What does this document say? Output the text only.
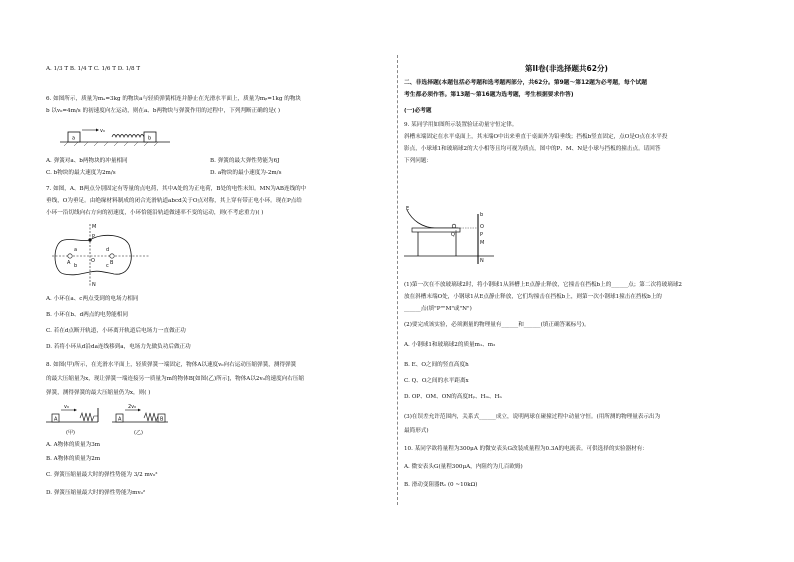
A. 1/3 T B. 1/4 T C. 1/6 T D. 1/8 T
6. 如图所示，质量为mₐ=3kg 的物块a与轻质弹簧相连并静止在光滑水平面上，质量为mᵦ=1kg 的物块
b 以v₀=4m/s 的初速度向左运动，则在a、b两物块与弹簧作用的过程中，下列判断正确的是( )
a
v₀
b
A. 弹簧对a、b两物块的冲量相同	B. 弹簧的最大弹性势能为6J
C. b物块的最大速度为2m/s	D. a物块的最小速度为-2m/s
7. 如图，A、B两点分别固定有等量的点电荷，其中A处的为正电荷，B处的电性未知。MN为AB连线的中
垂线，O为垂足。由绝缘材料制成的闭合光滑轨道abcd关于O点对称，其上穿有带正电小环。现在P点给
小环一沿切线向右方向的初速度，小环恰能沿轨道做速率不变的运动，则(不考虑重力)( )
M
P
a	d
b	c
O
A	B
N
A. 小环在a、c两点受到的电场力相同
B. 小环在b、d两点的电势能相同
C. 若在d点断开轨道，小环离开轨道后电场力一直做正功
D. 若将小环从d沿da连线移到a，电场力先做负功后做正功
8. 如图(甲)所示，在光滑水平面上，轻质弹簧一端固定，物体A以速度v₀向右运动压缩弹簧，测得弹簧
的最大压缩量为x，现让弹簧一端连接另一质量为m的物体B[如图(乙)所示]，物体A以2v₀的速度向右压缩
弹簧，测得弹簧的最大压缩量仍为x，则( )
A
v₀
(甲)
A
2v₀
B
(乙)
A. A物体的质量为3m
B. A物体的质量为2m
C. 弹簧压缩量最大时的弹性势能为 3/2 mv₀²
D. 弹簧压缩量最大时的弹性势能为mv₀²
第II卷(非选择题共62分)
二、非选择题(本题包括必考题和选考题两部分，共62分。第9题～第12题为必考题，每个试题
考生都必须作答。第13题～第16题为选考题，考生根据要求作答)
(一)必考题
9. 某同学用如图所示装置验证动量守恒定律。
斜槽末端固定在水平桌面上，其末端O中出来垂直于桌面外为铅垂线；挡板b竖直固定，点O是O点在水平投
影点，小球球1和玻璃球2的大小相等且均可视为质点，图中的P、M、N是小球与挡板的撞击点。请回答
下列问题：
E
b
O
Q	P
M
N
(1)第一次在不放玻璃球2时，将小钢球1从斜槽上E点静止释放，它撞击在挡板b上的______点；第二次将玻璃球2
放在斜槽末端O处，小钢球1从E点静止释放，它们均撞击在挡板b上，则第一次小钢球1撞击在挡板b上的
______点(填"P""M"或"N")
(2)要完成该实验，必须测量的物理量有______和______(填正确答案标号)。
A. 小钢球1和玻璃球2的质量m₁、m₂
B. E、O之间的竖直高度h
C. Q、O之间的水平距离x
D. OP、OM、ON的高度Hₚ、Hₘ、Hₙ
(3)在误差允许范围内，关系式______成立，说明两球在碰撞过程中动量守恒。(用所测的物理量表示出为
最简形式)
10. 某同学欲将量程为300μA 的微安表头G改装成量程为0.3A的电流表。可供选择的实验器材有：
A. 微安表头G(量程300μA，内阻约为几百欧姆)
B. 滑动变阻器R₁ (0 ~10kΩ)
